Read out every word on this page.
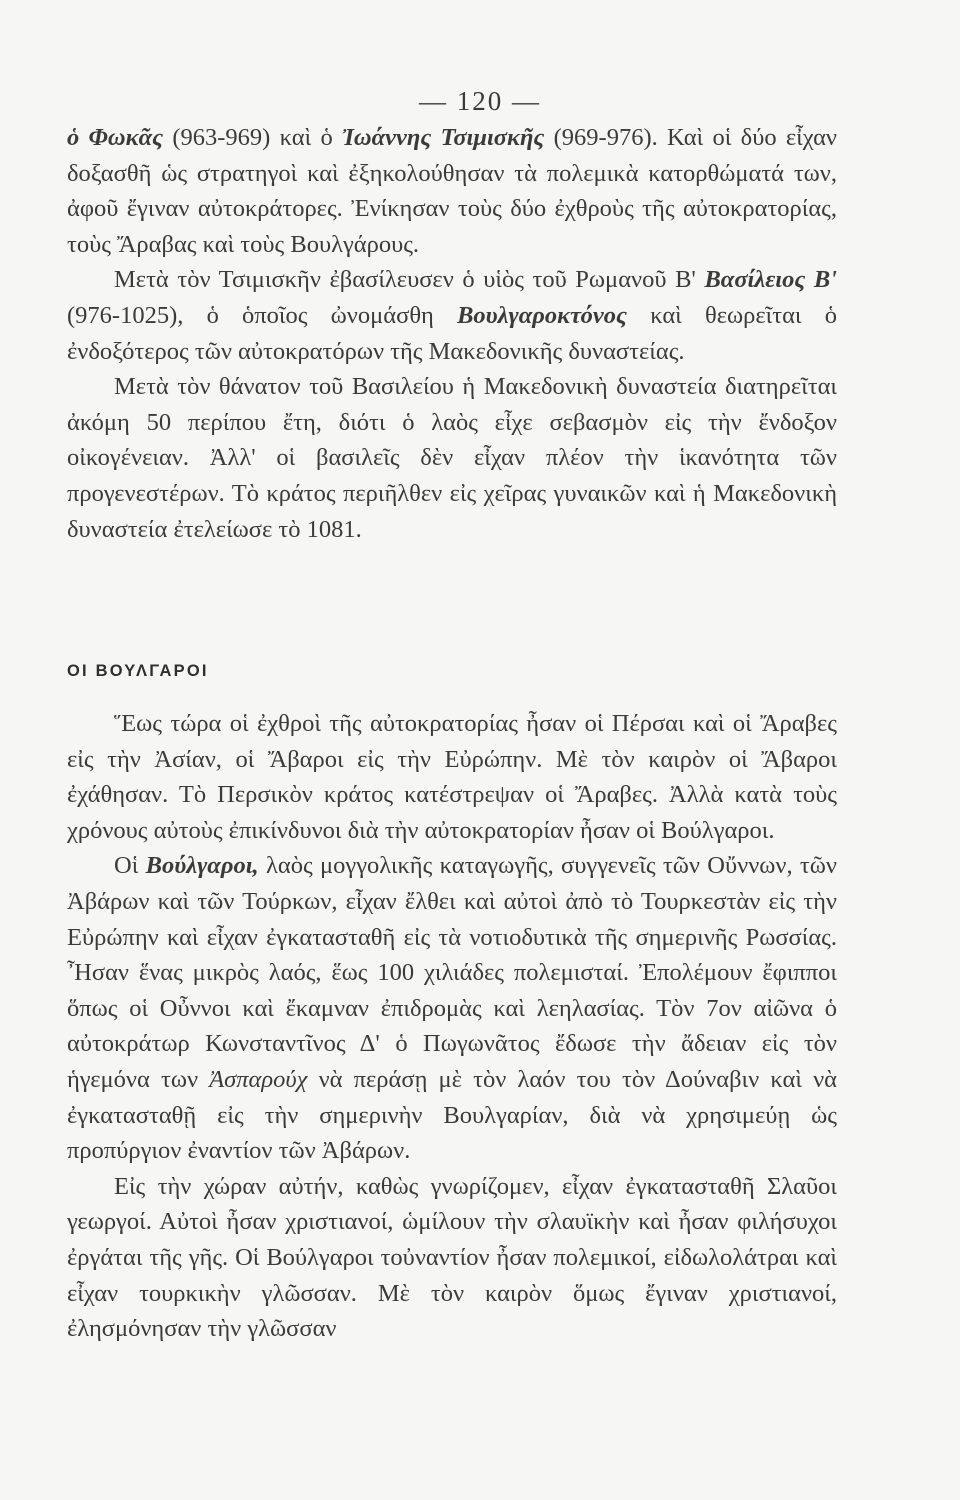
— 120 —

ὁ Φωκᾶς (963-969) καὶ ὁ Ἰωάννης Τσιμισκῆς (969-976). Καὶ οἱ δύο εἶχαν δοξασθῆ ὡς στρατηγοὶ καὶ ἐξηκολούθησαν τὰ πολεμικὰ κατορθώματά των, ἀφοῦ ἔγιναν αὐτοκράτορες. Ἐνίκησαν τοὺς δύο ἐχθροὺς τῆς αὐτοκρατορίας, τοὺς Ἄραβας καὶ τοὺς Βουλγάρους.

Μετὰ τὸν Τσιμισκῆν ἐβασίλευσεν ὁ υἱὸς τοῦ Ρωμανοῦ Β' Βασίλειος Β' (976-1025), ὁ ὁποῖος ὠνομάσθη Βουλγαροκτόνος καὶ θεωρεῖται ὁ ἐνδοξότερος τῶν αὐτοκρατόρων τῆς Μακεδονικῆς δυναστείας.

Μετὰ τὸν θάνατον τοῦ Βασιλείου ἡ Μακεδονικὴ δυναστεία διατηρεῖται ἀκόμη 50 περίπου ἔτη, διότι ὁ λαὸς εἶχε σεβασμὸν εἰς τὴν ἔνδοξον οἰκογένειαν. Ἀλλ' οἱ βασιλεῖς δὲν εἶχαν πλέον τὴν ἱκανότητα τῶν προγενεστέρων. Τὸ κράτος περιῆλθεν εἰς χεῖρας γυναικῶν καὶ ἡ Μακεδονικὴ δυναστεία ἐτελείωσε τὸ 1081.

ΟΙ ΒΟΥΛΓΑΡΟΙ

Ἕως τώρα οἱ ἐχθροὶ τῆς αὐτοκρατορίας ἦσαν οἱ Πέρσαι καὶ οἱ Ἄραβες εἰς τὴν Ἀσίαν, οἱ Ἄβαροι εἰς τὴν Εὐρώπην. Μὲ τὸν καιρὸν οἱ Ἄβαροι ἐχάθησαν. Τὸ Περσικὸν κράτος κατέστρεψαν οἱ Ἄραβες. Ἀλλὰ κατὰ τοὺς χρόνους αὐτοὺς ἐπικίνδυνοι διὰ τὴν αὐτοκρατορίαν ἦσαν οἱ Βούλγαροι.

Οἱ Βούλγαροι, λαὸς μογγολικῆς καταγωγῆς, συγγενεῖς τῶν Οὔννων, τῶν Ἀβάρων καὶ τῶν Τούρκων, εἶχαν ἔλθει καὶ αὐτοὶ ἀπὸ τὸ Τουρκεστὰν εἰς τὴν Εὐρώπην καὶ εἶχαν ἐγκατασταθῆ εἰς τὰ νοτιοδυτικὰ τῆς σημερινῆς Ρωσσίας. Ἦσαν ἕνας μικρὸς λαός, ἕως 100 χιλιάδες πολεμισταί. Ἐπολέμουν ἔφιπποι ὅπως οἱ Οὖννοι καὶ ἔκαμναν ἐπιδρομὰς καὶ λεηλασίας. Τὸν 7ον αἰῶνα ὁ αὐτοκράτωρ Κωνσταντῖνος Δ' ὁ Πωγωνᾶτος ἔδωσε τὴν ἄδειαν εἰς τὸν ἡγεμόνα των Ἀσπαρούχ νὰ περάσῃ μὲ τὸν λαόν του τὸν Δούναβιν καὶ νὰ ἐγκατασταθῇ εἰς τὴν σημερινὴν Βουλγαρίαν, διὰ νὰ χρησιμεύῃ ὡς προπύργιον ἐναντίον τῶν Ἀβάρων.

Εἰς τὴν χώραν αὐτήν, καθὼς γνωρίζομεν, εἶχαν ἐγκατασταθῆ Σλαῦοι γεωργοί. Αὐτοὶ ἦσαν χριστιανοί, ὡμίλουν τὴν σλαυϊκὴν καὶ ἦσαν φιλήσυχοι ἐργάται τῆς γῆς. Οἱ Βούλγαροι τοὐναντίον ἦσαν πολεμικοί, εἰδωλολάτραι καὶ εἶχαν τουρκικὴν γλῶσσαν. Μὲ τὸν καιρὸν ὅμως ἔγιναν χριστιανοί, ἐλησμόνησαν τὴν γλῶσσαν
